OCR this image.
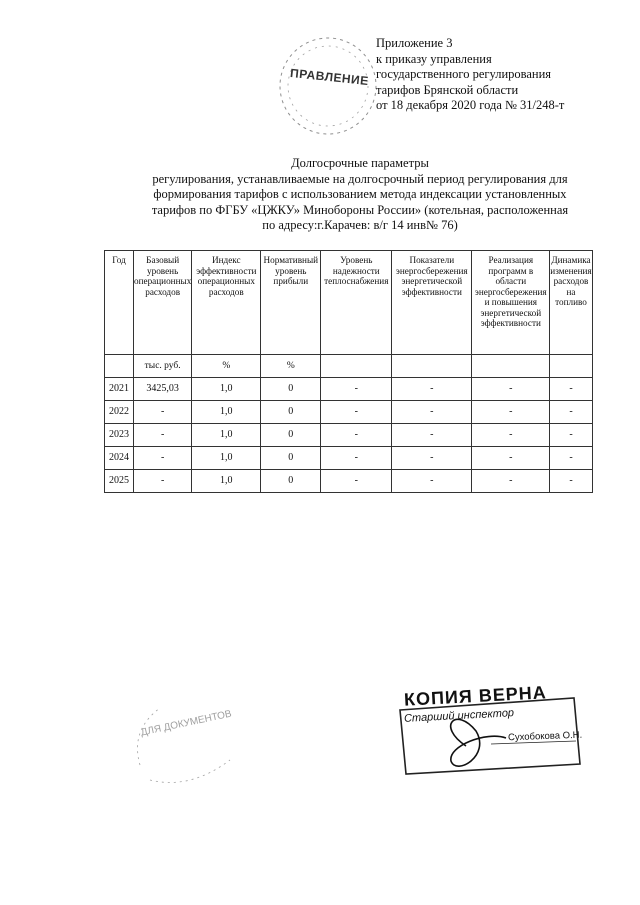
Приложение 3
к приказу управления
государственного регулирования
тарифов Брянской области
от 18 декабря 2020 года № 31/248-т
ПРАВЛЕНИЕ
Долгосрочные параметры
регулирования, устанавливаемые на долгосрочный период регулирования для
формирования тарифов с использованием метода индексации установленных
тарифов по ФГБУ «ЦЖКУ» Минобороны России» (котельная, расположенная
по адресу:г.Карачев: в/г 14 инв№ 76)
Год	Базовый уровень операционных расходов	Индекс эффективности операционных расходов	Нормативный уровень прибыли	Уровень надежности теплоснабжения	Показатели энергосбережения энергетической эффективности	Реализация программ в области энергосбережения и повышения энергетической эффективности	Динамика изменения расходов на топливо
	тыс. руб.	%	%				
2021	3425,03	1,0	0	-	-	-	-
2022	-	1,0	0	-	-	-	-
2023	-	1,0	0	-	-	-	-
2024	-	1,0	0	-	-	-	-
2025	-	1,0	0	-	-	-	-
ДЛЯ ДОКУМЕНТОВ
КОПИЯ ВЕРНА
Старший инспектор
Сухобокова О.Н.
